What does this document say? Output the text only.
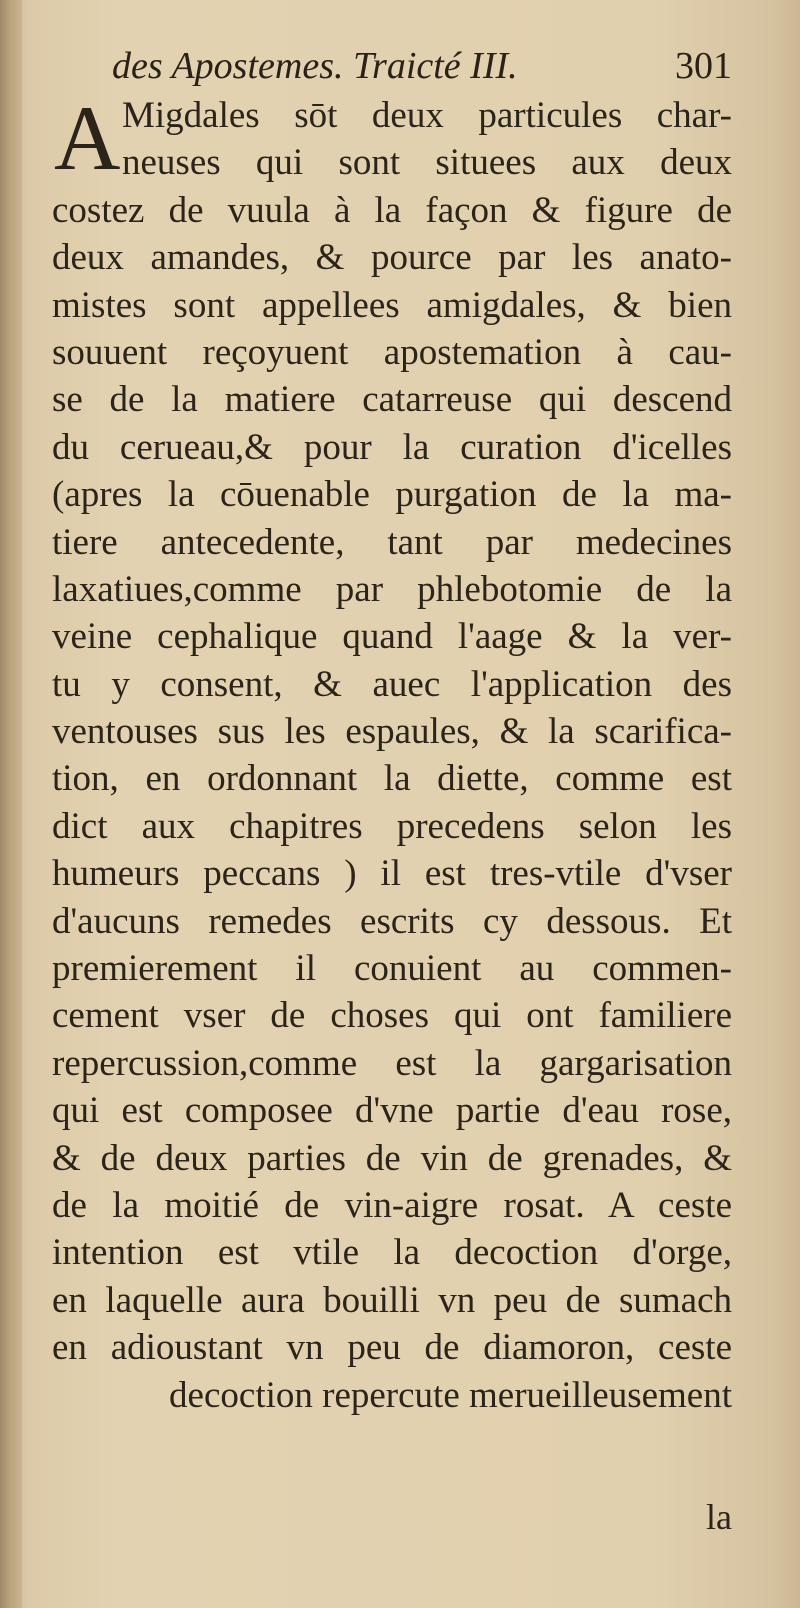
des Apostemes. Traicté III.	301
A Migdales sōt deux particules char-
neuses qui sont situees aux deux
costez de vuula à la façon & figure de
deux amandes, & pource par les anato-
mistes sont appellees amigdales, & bien
souuent reçoyuent apostemation à cau-
se de la matiere catarreuse qui descend
du cerueau,& pour la curation d'icelles
(apres la cōuenable purgation de la ma-
tiere antecedente, tant par medecines
laxatiues,comme par phlebotomie de la
veine cephalique quand l'aage & la ver-
tu y consent, & auec l'application des
ventouses sus les espaules, & la scarifica-
tion, en ordonnant la diette, comme est
dict aux chapitres precedens selon les
humeurs peccans ) il est tres-vtile d'vser
d'aucuns remedes escrits cy dessous. Et
premierement il conuient au commen-
cement vser de choses qui ont familiere
repercussion,comme est la gargarisation
qui est composee d'vne partie d'eau rose,
& de deux parties de vin de grenades, &
de la moitié de vin-aigre rosat. A ceste
intention est vtile la decoction d'orge,
en laquelle aura bouilli vn peu de sumach
en adioustant vn peu de diamoron, ceste
decoction repercute merueilleusement
la
